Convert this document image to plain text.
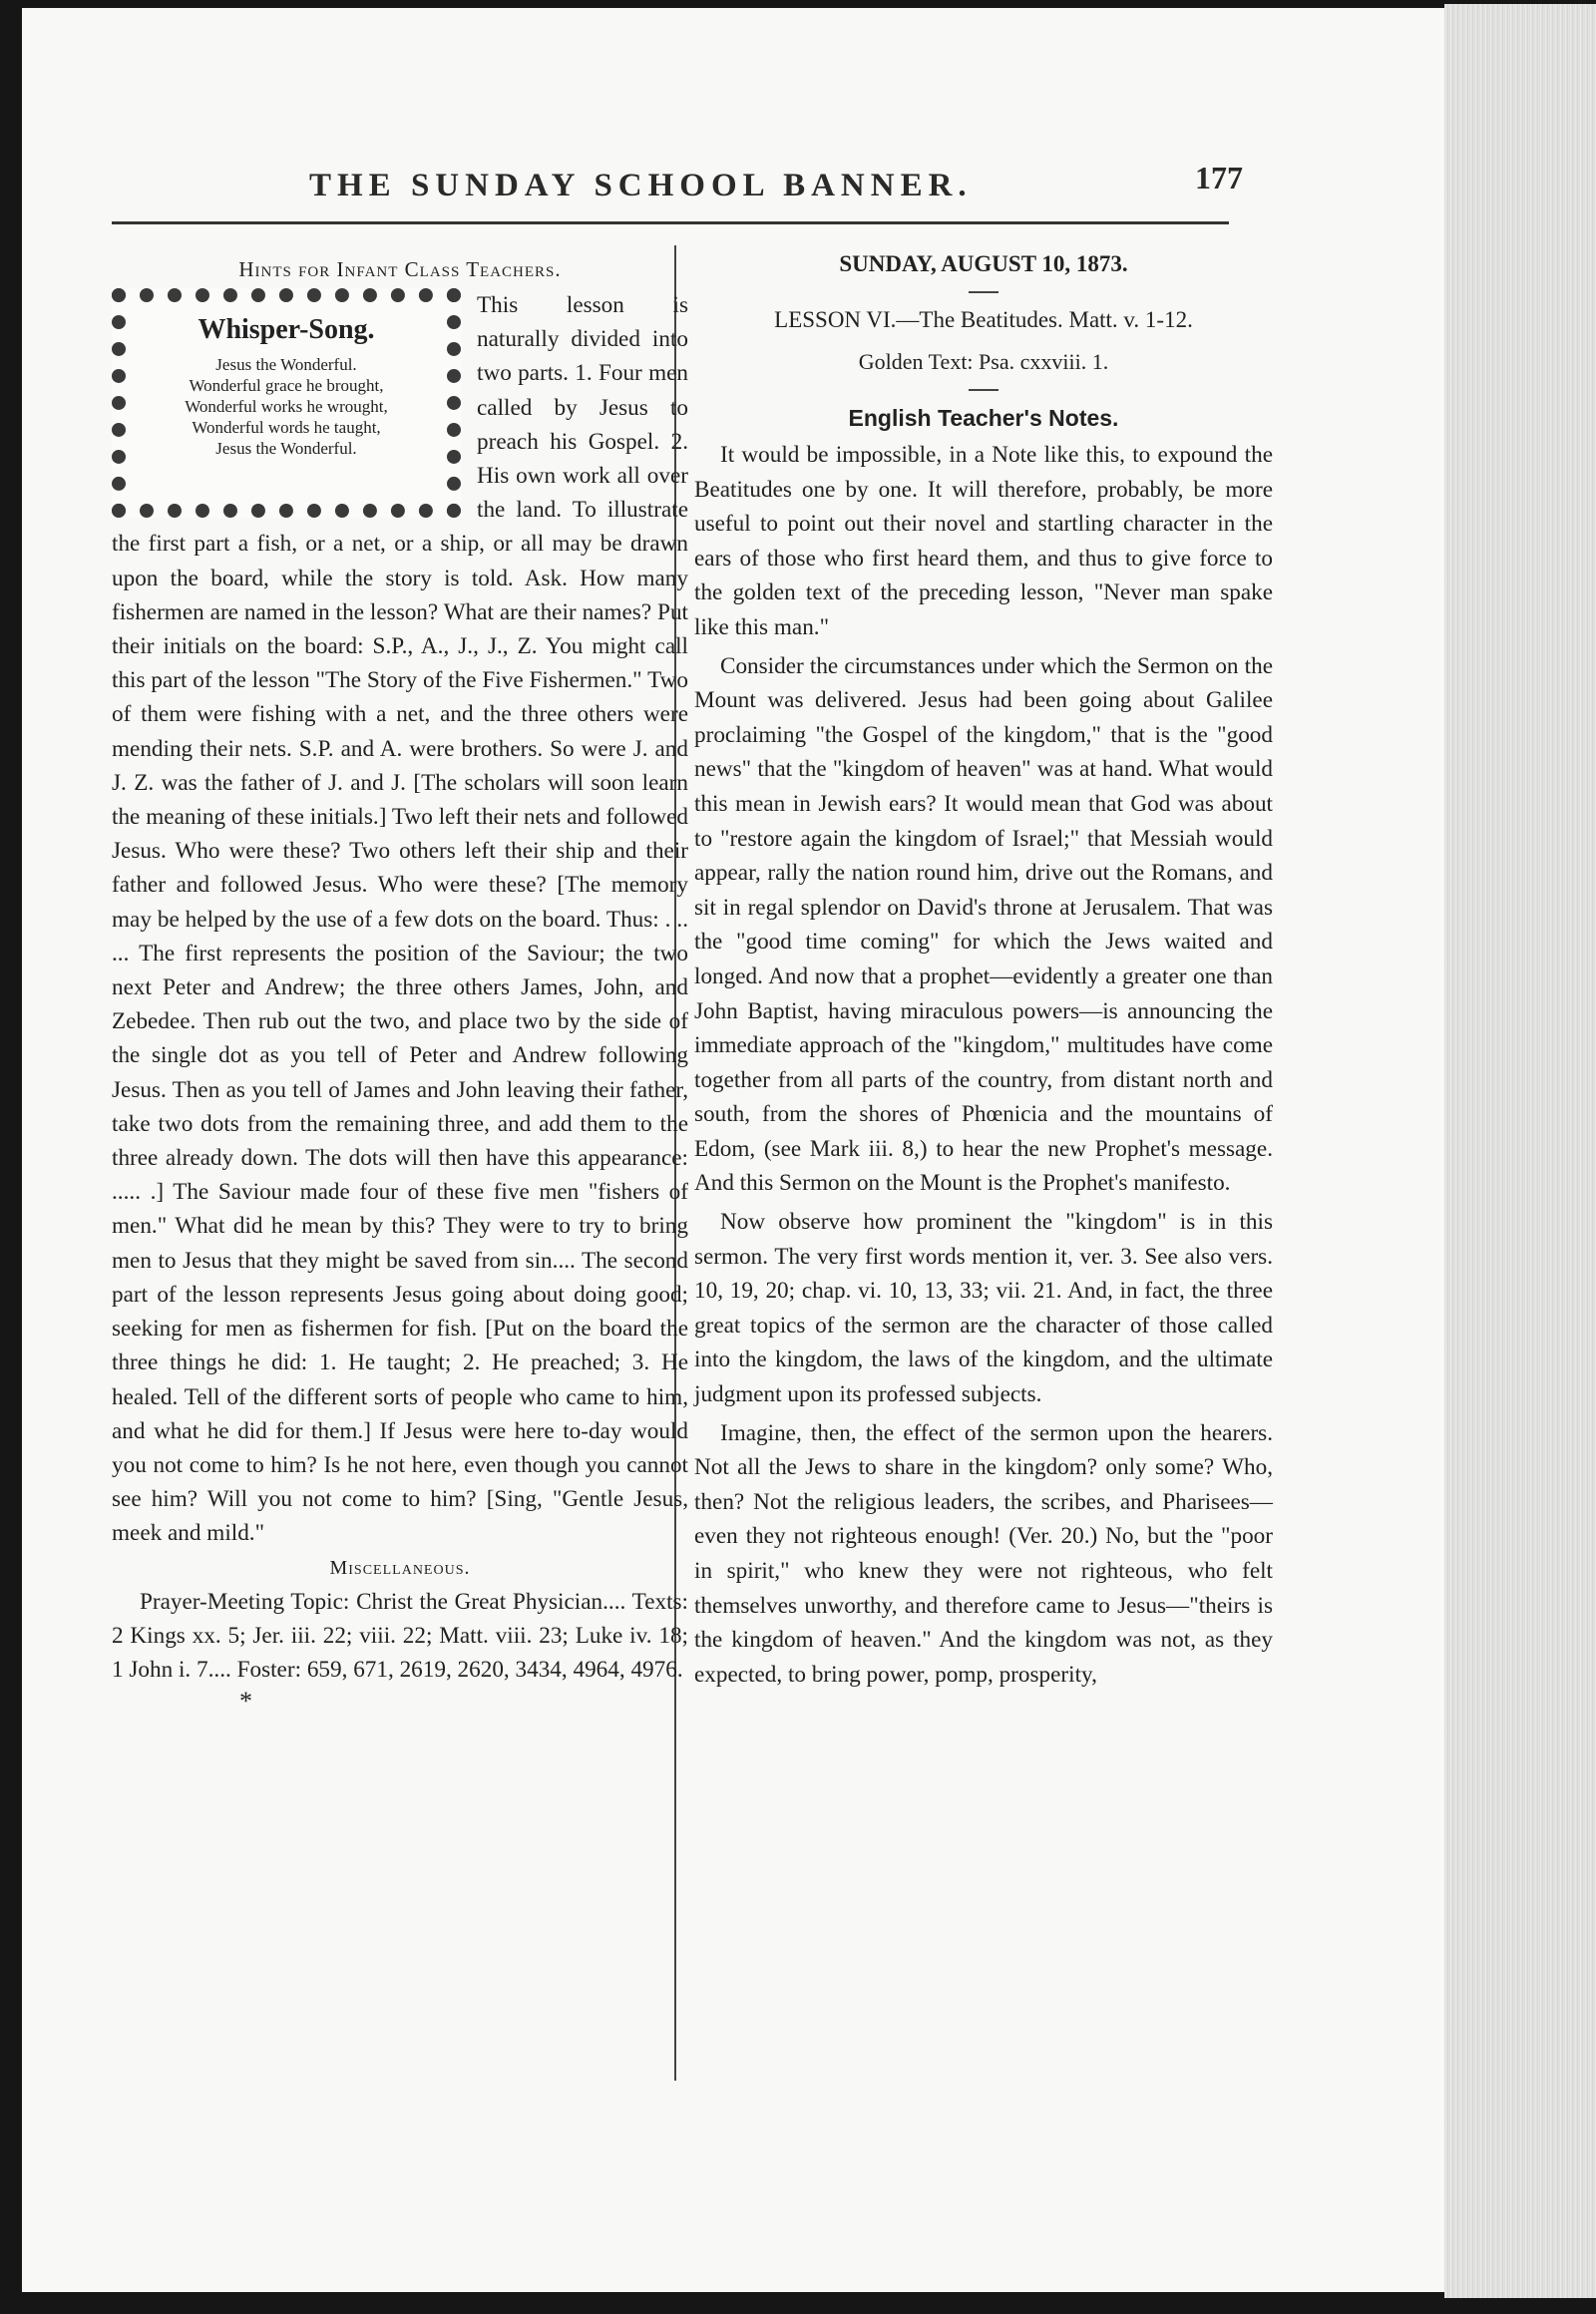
THE SUNDAY SCHOOL BANNER.	177
Hints for Infant Class Teachers.
Whisper-Song.

Jesus the Wonderful.

Wonderful grace he brought,

Wonderful works he wrought,

Wonderful words he taught,

Jesus the Wonderful.

This lesson is naturally divided into two parts. 1. Four men called by Jesus to preach his Gospel. 2. His own work all over the land. To illustrate the first part a fish, or a net, or a ship, or all may be drawn upon the board, while the story is told. Ask. How many fishermen are named in the lesson? What are their names? Put their initials on the board: S.P., A., J., J., Z. You might call this part of the lesson "The Story of the Five Fishermen." Two of them were fishing with a net, and the three others were mending their nets. S.P. and A. were brothers. So were J. and J. Z. was the father of J. and J. [The scholars will soon learn the meaning of these initials.] Two left their nets and followed Jesus. Who were these? Two others left their ship and their father and followed Jesus. Who were these? [The memory may be helped by the use of a few dots on the board. Thus: . .. ... The first represents the position of the Saviour; the two next Peter and Andrew; the three others James, John, and Zebedee. Then rub out the two, and place two by the side of the single dot as you tell of Peter and Andrew following Jesus. Then as you tell of James and John leaving their father, take two dots from the remaining three, and add them to the three already down. The dots will then have this appearance: ..... .] The Saviour made four of these five men "fishers of men." What did he mean by this? They were to try to bring men to Jesus that they might be saved from sin.... The second part of the lesson represents Jesus going about doing good; seeking for men as fishermen for fish. [Put on the board the three things he did: 1. He taught; 2. He preached; 3. He healed. Tell of the different sorts of people who came to him, and what he did for them.] If Jesus were here to-day would you not come to him? Is he not here, even though you cannot see him? Will you not come to him? [Sing, "Gentle Jesus, meek and mild."

Miscellaneous.

Prayer-Meeting Topic: Christ the Great Physician.... Texts: 2 Kings xx. 5; Jer. iii. 22; viii. 22; Matt. viii. 23; Luke iv. 18; 1 John i. 7.... Foster: 659, 671, 2619, 2620, 3434, 4964, 4976.

*
SUNDAY, AUGUST 10, 1873.
LESSON VI.—The Beatitudes. Matt. v. 1-12.
Golden Text: Psa. cxxviii. 1.
English Teacher's Notes.

It would be impossible, in a Note like this, to expound the Beatitudes one by one. It will therefore, probably, be more useful to point out their novel and startling character in the ears of those who first heard them, and thus to give force to the golden text of the preceding lesson, "Never man spake like this man."

Consider the circumstances under which the Sermon on the Mount was delivered. Jesus had been going about Galilee proclaiming "the Gospel of the kingdom," that is the "good news" that the "kingdom of heaven" was at hand. What would this mean in Jewish ears? It would mean that God was about to "restore again the kingdom of Israel;" that Messiah would appear, rally the nation round him, drive out the Romans, and sit in regal splendor on David's throne at Jerusalem. That was the "good time coming" for which the Jews waited and longed. And now that a prophet—evidently a greater one than John Baptist, having miraculous powers—is announcing the immediate approach of the "kingdom," multitudes have come together from all parts of the country, from distant north and south, from the shores of Phœnicia and the mountains of Edom, (see Mark iii. 8,) to hear the new Prophet's message. And this Sermon on the Mount is the Prophet's manifesto.

Now observe how prominent the "kingdom" is in this sermon. The very first words mention it, ver. 3. See also vers. 10, 19, 20; chap. vi. 10, 13, 33; vii. 21. And, in fact, the three great topics of the sermon are the character of those called into the kingdom, the laws of the kingdom, and the ultimate judgment upon its professed subjects.

Imagine, then, the effect of the sermon upon the hearers. Not all the Jews to share in the kingdom? only some? Who, then? Not the religious leaders, the scribes, and Pharisees—even they not righteous enough! (Ver. 20.) No, but the "poor in spirit," who knew they were not righteous, who felt themselves unworthy, and therefore came to Jesus—"theirs is the kingdom of heaven." And the kingdom was not, as they expected, to bring power, pomp, prosperity,
